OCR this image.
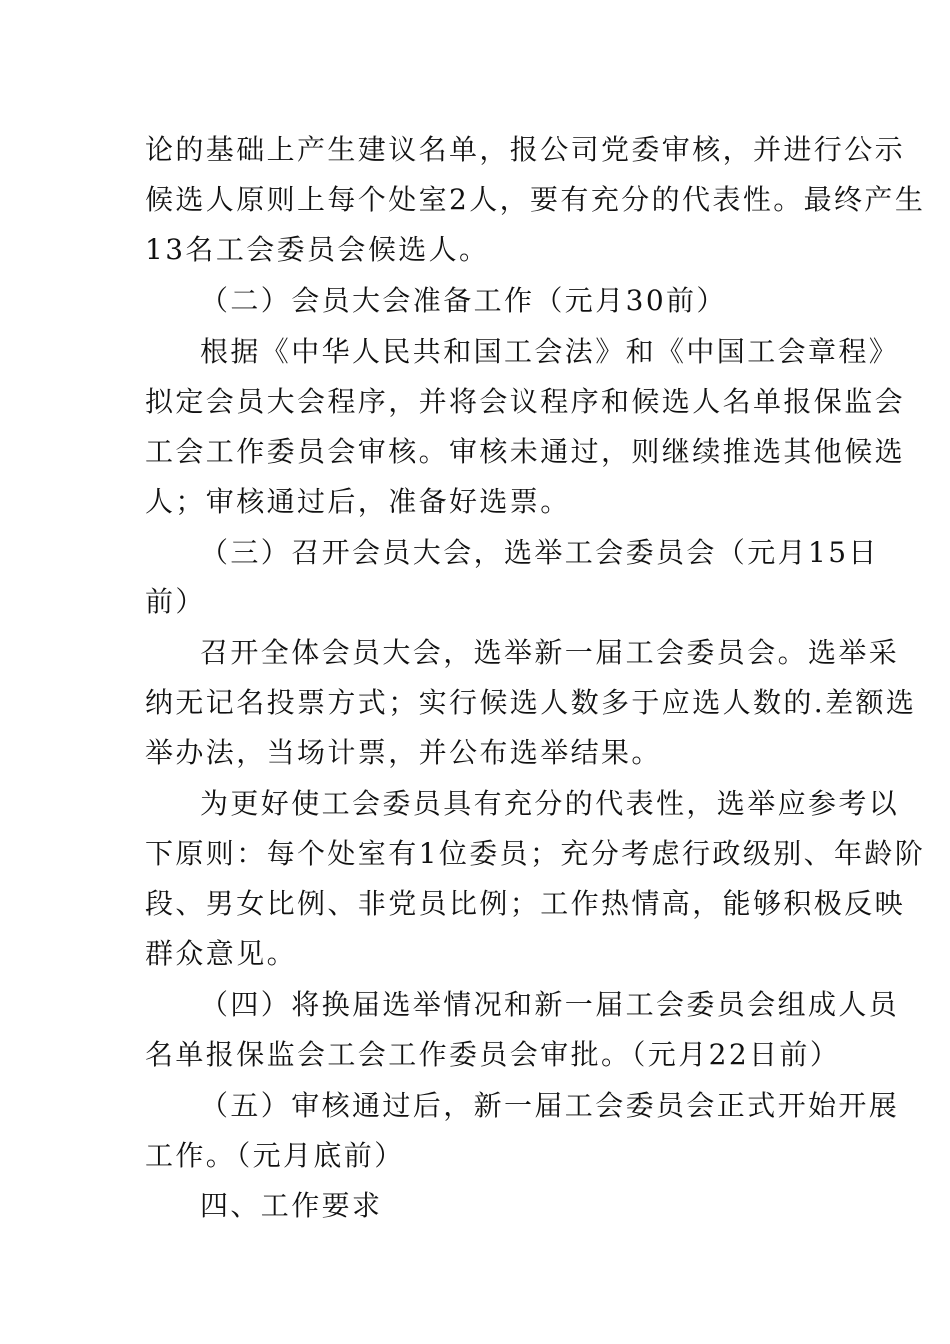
论的基础上产生建议名单，报公司党委审核，并进行公示
候选人原则上每个处室2人，要有充分的代表性。最终产生
13名工会委员会候选人。
（二）会员大会准备工作（元月30前）
根据《中华人民共和国工会法》和《中国工会章程》
拟定会员大会程序，并将会议程序和候选人名单报保监会
工会工作委员会审核。审核未通过，则继续推选其他候选
人；审核通过后，准备好选票。
（三）召开会员大会，选举工会委员会（元月15日
前）
召开全体会员大会，选举新一届工会委员会。选举采
纳无记名投票方式；实行候选人数多于应选人数的.差额选
举办法，当场计票，并公布选举结果。
为更好使工会委员具有充分的代表性，选举应参考以
下原则：每个处室有1位委员；充分考虑行政级别、年龄阶
段、男女比例、非党员比例；工作热情高，能够积极反映
群众意见。
（四）将换届选举情况和新一届工会委员会组成人员
名单报保监会工会工作委员会审批。（元月22日前）
（五）审核通过后，新一届工会委员会正式开始开展
工作。（元月底前）
四、工作要求
